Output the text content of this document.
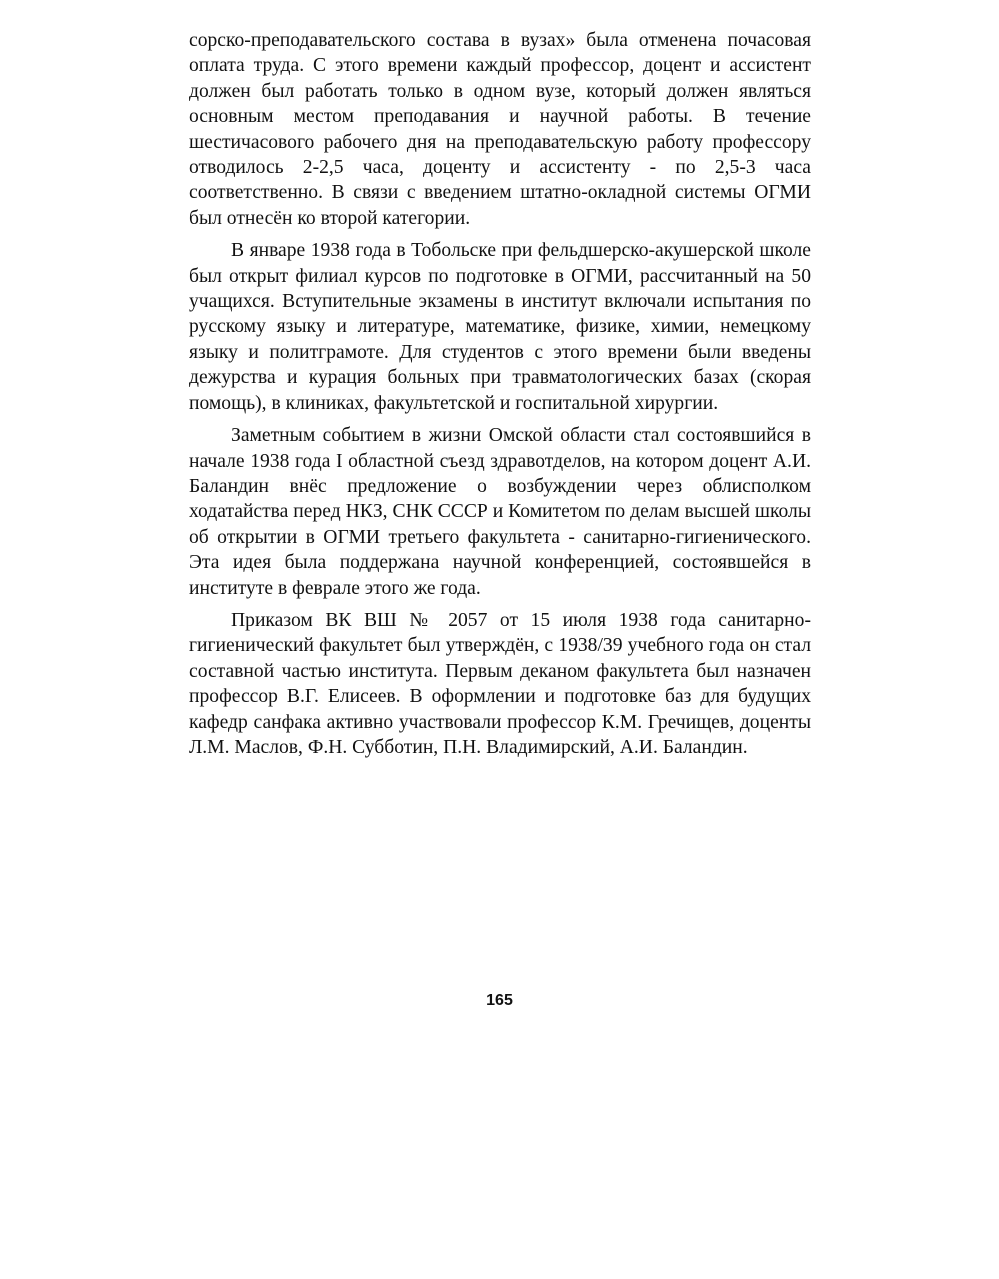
сорско-преподавательского состава в вузах» была отменена почасовая оплата труда. С этого времени каждый профессор, доцент и ассистент должен был работать только в одном вузе, который должен являться основным местом преподавания и научной работы. В течение шестичасового рабочего дня на преподавательскую работу профессору отводилось 2-2,5 часа, доценту и ассистенту - по 2,5-3 часа соответственно. В связи с введением штатно-окладной системы ОГМИ был отнесён ко второй категории.

В январе 1938 года в Тобольске при фельдшерско-акушерской школе был открыт филиал курсов по подготовке в ОГМИ, рассчитанный на 50 учащихся. Вступительные экзамены в институт включали испытания по русскому языку и литературе, математике, физике, химии, немецкому языку и политграмоте. Для студентов с этого времени были введены дежурства и курация больных при травматологических базах (скорая помощь), в клиниках, факультетской и госпитальной хирургии.

Заметным событием в жизни Омской области стал состоявшийся в начале 1938 года I областной съезд здравотделов, на котором доцент А.И. Баландин внёс предложение о возбуждении через облисполком ходатайства перед НКЗ, СНК СССР и Комитетом по делам высшей школы об открытии в ОГМИ третьего факультета - санитарно-гигиенического. Эта идея была поддержана научной конференцией, состоявшейся в институте в феврале этого же года.

Приказом ВК ВШ № 2057 от 15 июля 1938 года санитарно-гигиенический факультет был утверждён, с 1938/39 учебного года он стал составной частью института. Первым деканом факультета был назначен профессор В.Г. Елисеев. В оформлении и подготовке баз для будущих кафедр санфака активно участвовали профессор К.М. Гречищев, доценты Л.М. Маслов, Ф.Н. Субботин, П.Н. Владимирский, А.И. Баландин.

165
